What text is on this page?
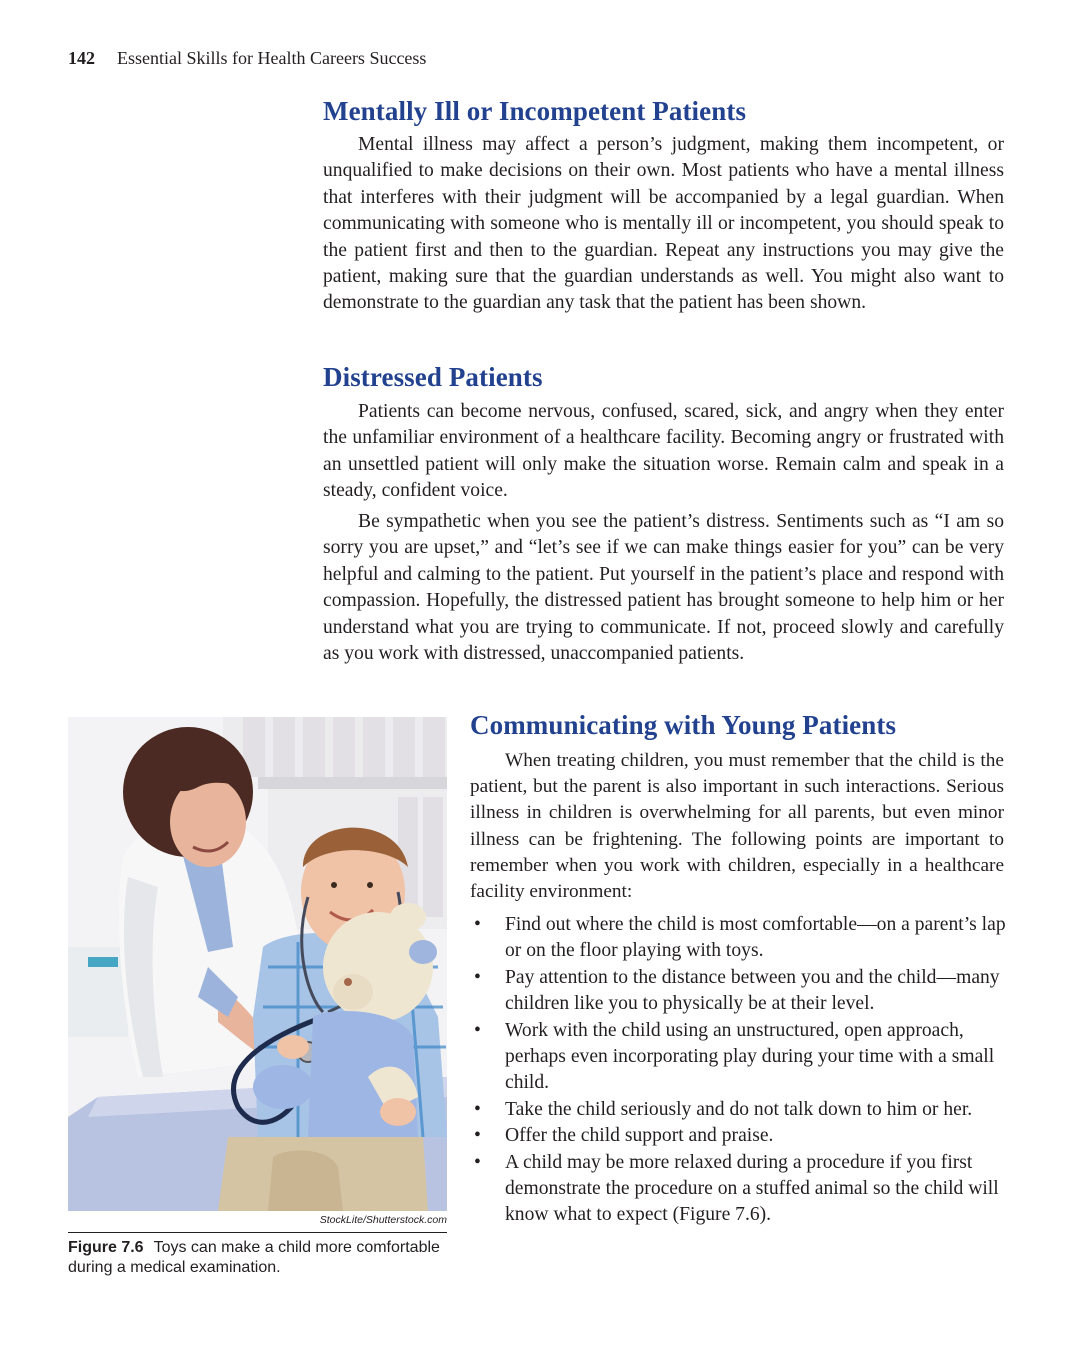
142 Essential Skills for Health Careers Success
Mentally Ill or Incompetent Patients

Mental illness may affect a person’s judgment, making them incompetent, or unqualified to make decisions on their own. Most patients who have a mental illness that interferes with their judgment will be accompanied by a legal guardian. When communicating with someone who is mentally ill or incompetent, you should speak to the patient first and then to the guardian. Repeat any instructions you may give the patient, making sure that the guardian understands as well. You might also want to demonstrate to the guardian any task that the patient has been shown.

Distressed Patients

Patients can become nervous, confused, scared, sick, and angry when they enter the unfamiliar environment of a healthcare facility. Becoming angry or frustrated with an unsettled patient will only make the situation worse. Remain calm and speak in a steady, confident voice.

Be sympathetic when you see the patient’s distress. Sentiments such as “I am so sorry you are upset,” and “let’s see if we can make things easier for you” can be very helpful and calming to the patient. Put yourself in the patient’s place and respond with compassion. Hopefully, the distressed patient has brought someone to help him or her understand what you are trying to communicate. If not, proceed slowly and carefully as you work with distressed, unaccompanied patients.

Communicating with Young Patients

When treating children, you must remember that the child is the patient, but the parent is also important in such interactions. Serious illness in children is overwhelming for all parents, but even minor illness can be frightening. The following points are important to remember when you work with children, especially in a healthcare facility environment:

• Find out where the child is most comfortable—on a parent’s lap or on the floor playing with toys.
• Pay attention to the distance between you and the child—many children like you to physically be at their level.
• Work with the child using an unstructured, open approach, perhaps even incorporating play during your time with a small child.
• Take the child seriously and do not talk down to him or her.
• Offer the child support and praise.
• A child may be more relaxed during a procedure if you first demonstrate the procedure on a stuffed animal so the child will know what to expect (Figure 7.6).
StockLite/Shutterstock.com
Figure 7.6 Toys can make a child more comfortable during a medical examination.
